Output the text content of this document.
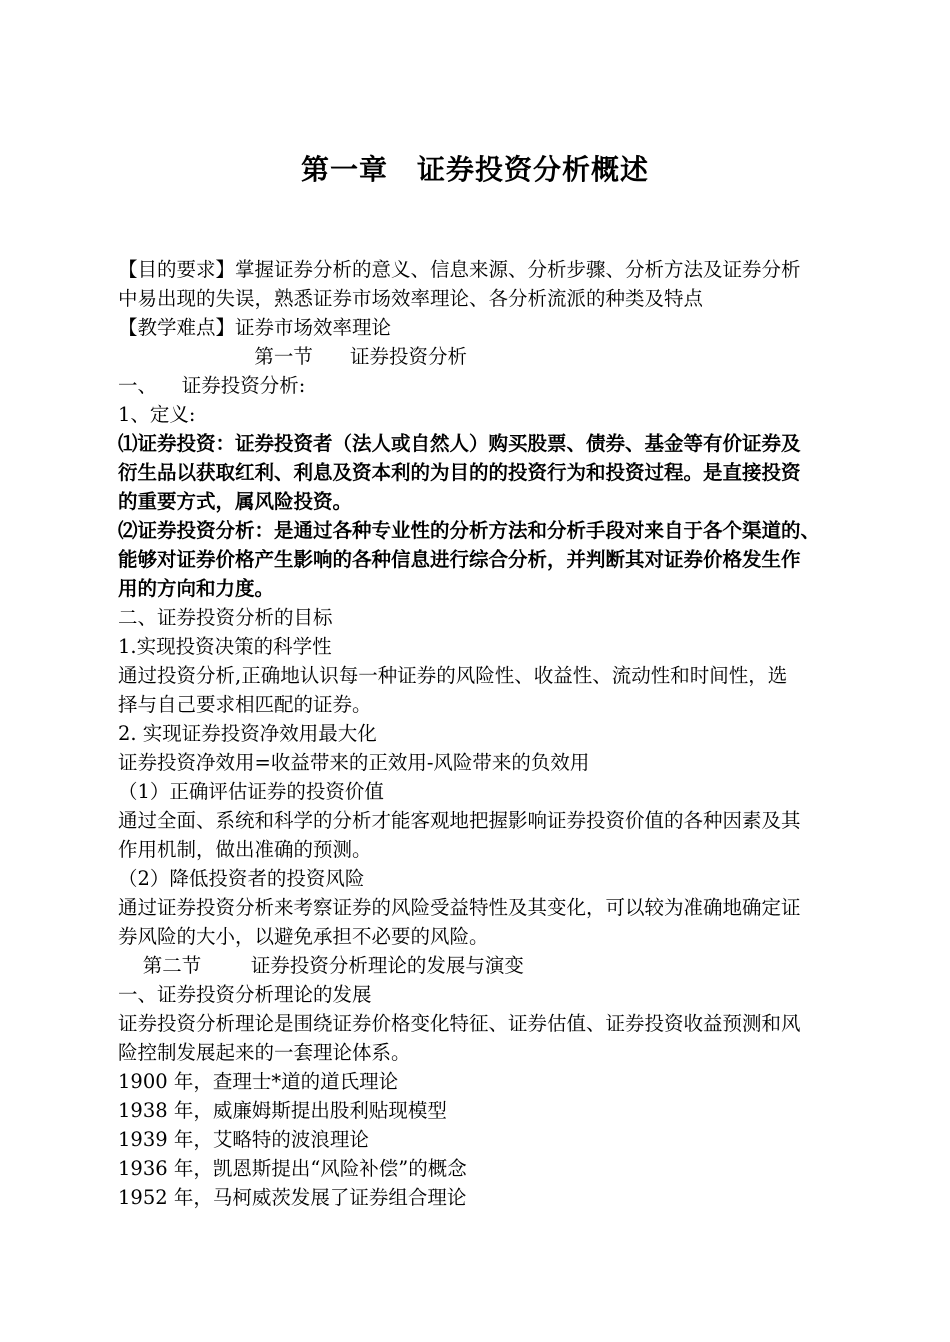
第一章　证券投资分析概述
【目的要求】掌握证券分析的意义、信息来源、分析步骤、分析方法及证券分析
中易出现的失误，熟悉证券市场效率理论、各分析流派的种类及特点
【教学难点】证券市场效率理论
第一节      证券投资分析
一、    证券投资分析:
1、定义:
⑴证券投资：证券投资者（法人或自然人）购买股票、债券、基金等有价证券及
衍生品以获取红利、利息及资本利的为目的的投资行为和投资过程。是直接投资
的重要方式，属风险投资。
⑵证券投资分析：是通过各种专业性的分析方法和分析手段对来自于各个渠道的、
能够对证券价格产生影响的各种信息进行综合分析，并判断其对证券价格发生作
用的方向和力度。
二、证券投资分析的目标
1.实现投资决策的科学性
通过投资分析,正确地认识每一种证券的风险性、收益性、流动性和时间性，选
择与自己要求相匹配的证券。
2. 实现证券投资净效用最大化
证券投资净效用=收益带来的正效用-风险带来的负效用
（1）正确评估证券的投资价值
通过全面、系统和科学的分析才能客观地把握影响证券投资价值的各种因素及其
作用机制，做出准确的预测。
（2）降低投资者的投资风险
通过证券投资分析来考察证券的风险受益特性及其变化，可以较为准确地确定证
券风险的大小，以避免承担不必要的风险。
第二节        证券投资分析理论的发展与演变
一、证券投资分析理论的发展
证券投资分析理论是围绕证券价格变化特征、证券估值、证券投资收益预测和风
险控制发展起来的一套理论体系。
1900 年，查理士*道的道氏理论
1938 年，威廉姆斯提出股利贴现模型
1939 年，艾略特的波浪理论
1936 年，凯恩斯提出“风险补偿”的概念
1952 年，马柯威茨发展了证券组合理论
